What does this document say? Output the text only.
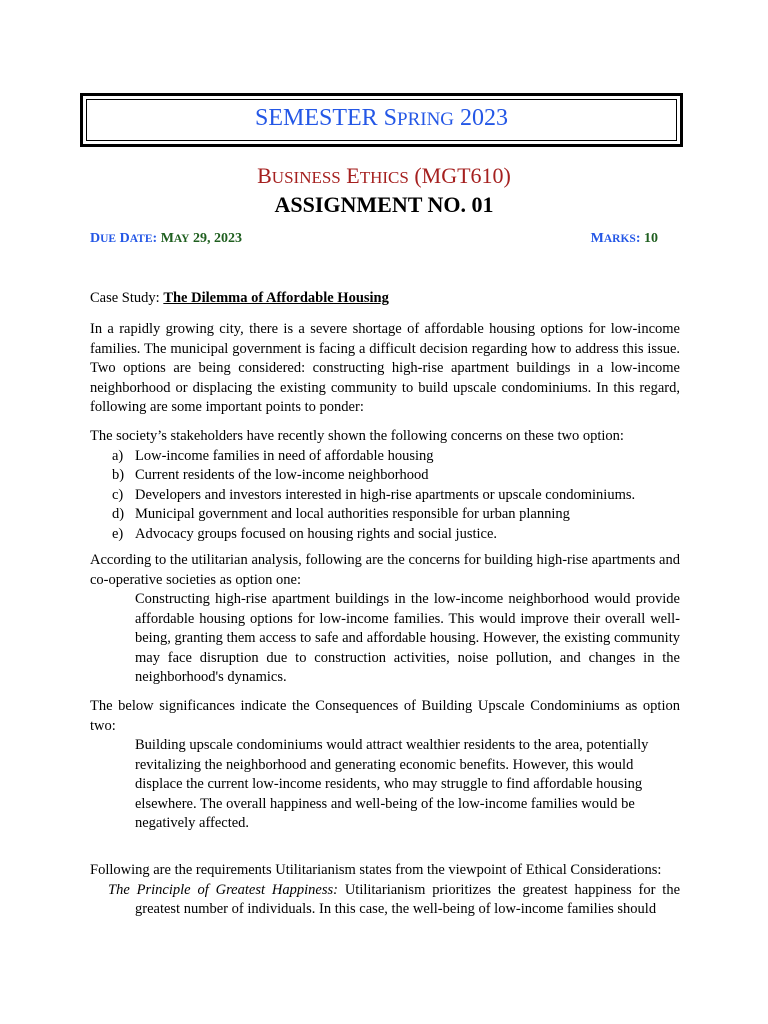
SEMESTER SPRING 2023
BUSINESS ETHICS (MGT610)
ASSIGNMENT NO. 01
DUE DATE: MAY 29, 2023	MARKS: 10
Case Study: The Dilemma of Affordable Housing
In a rapidly growing city, there is a severe shortage of affordable housing options for low-income families. The municipal government is facing a difficult decision regarding how to address this issue. Two options are being considered: constructing high-rise apartment buildings in a low-income neighborhood or displacing the existing community to build upscale condominiums. In this regard, following are some important points to ponder:
The society’s stakeholders have recently shown the following concerns on these two option:
a) Low-income families in need of affordable housing
b) Current residents of the low-income neighborhood
c) Developers and investors interested in high-rise apartments or upscale condominiums.
d) Municipal government and local authorities responsible for urban planning
e) Advocacy groups focused on housing rights and social justice.
According to the utilitarian analysis, following are the concerns for building high-rise apartments and co-operative societies as option one:
Constructing high-rise apartment buildings in the low-income neighborhood would provide affordable housing options for low-income families. This would improve their overall well-being, granting them access to safe and affordable housing. However, the existing community may face disruption due to construction activities, noise pollution, and changes in the neighborhood's dynamics.
The below significances indicate the Consequences of Building Upscale Condominiums as option two:
Building upscale condominiums would attract wealthier residents to the area, potentially revitalizing the neighborhood and generating economic benefits. However, this would displace the current low-income residents, who may struggle to find affordable housing elsewhere. The overall happiness and well-being of the low-income families would be negatively affected.
Following are the requirements Utilitarianism states from the viewpoint of Ethical Considerations:
The Principle of Greatest Happiness: Utilitarianism prioritizes the greatest happiness for the greatest number of individuals. In this case, the well-being of low-income families should
